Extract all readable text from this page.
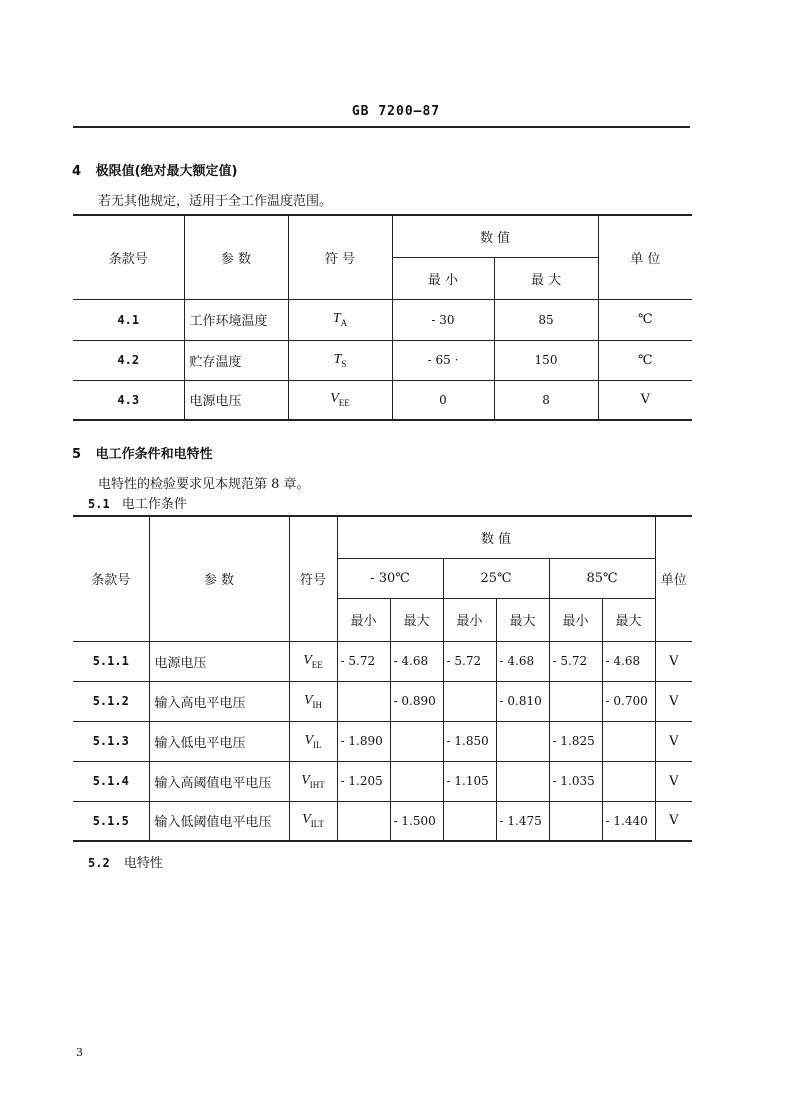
GB 7200—87
4 极限值(绝对最大额定值)
若无其他规定，适用于全工作温度范围。
条款号	参 数	符 号	数 值		单 位
			最 小	最 大	
4.1	工作环境温度	$T_A$	- 30	85	℃
4.2	贮存温度	$T_S$	- 65 ·	150	℃
4.3	电源电压	$V_{EE}$	0	8	V
5 电工作条件和电特性
电特性的检验要求见本规范第 8 章。
5.1 电工作条件
条款号	参 数	符号	数 值						单位
			- 30℃		25℃		85℃		
			最小	最大	最小	最大	最小	最大	
5.1.1	电源电压	$V_{EE}$	- 5.72	- 4.68	- 5.72	- 4.68	- 5.72	- 4.68	V
5.1.2	输入高电平电压	$V_{IH}$		- 0.890		- 0.810		- 0.700	V
5.1.3	输入低电平电压	$V_{IL}$	- 1.890		- 1.850		- 1.825		V
5.1.4	输入高阈值电平电压	$V_{IHT}$	- 1.205		- 1.105		- 1.035		V
5.1.5	输入低阈值电平电压	$V_{ILT}$		- 1.500		- 1.475		- 1.440	V
5.2 电特性
3
